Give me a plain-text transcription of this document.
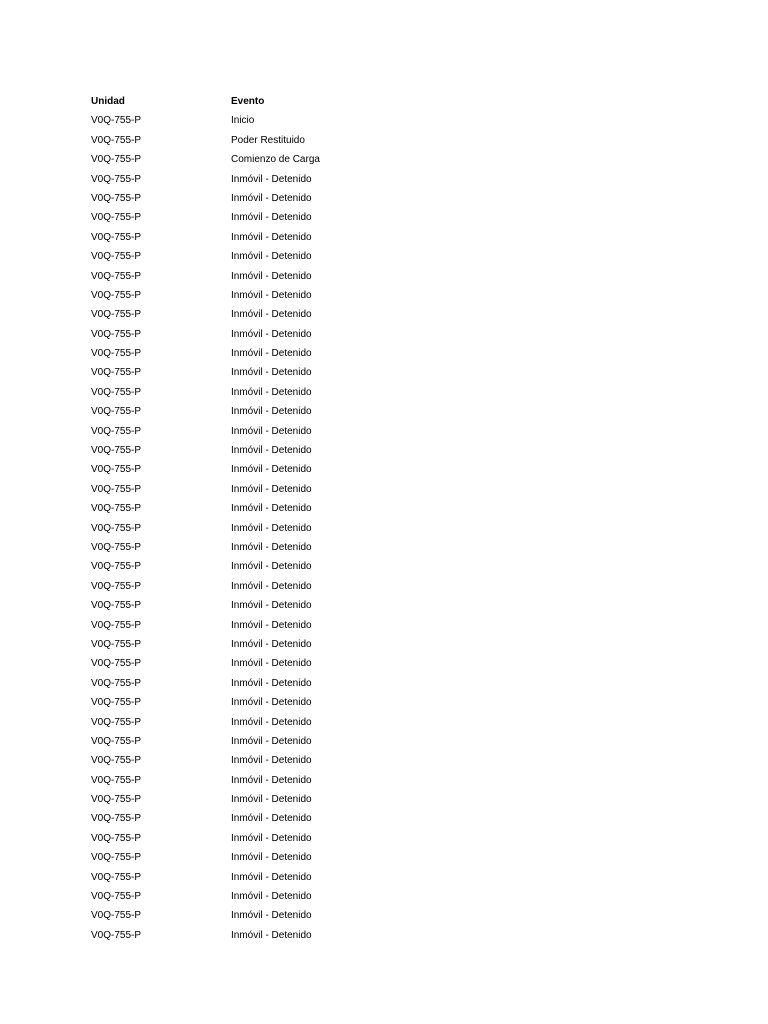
Unidad	Evento
V0Q-755-P	Inicio
V0Q-755-P	Poder Restituido
V0Q-755-P	Comienzo de Carga
V0Q-755-P	Inmóvil - Detenido
V0Q-755-P	Inmóvil - Detenido
V0Q-755-P	Inmóvil - Detenido
V0Q-755-P	Inmóvil - Detenido
V0Q-755-P	Inmóvil - Detenido
V0Q-755-P	Inmóvil - Detenido
V0Q-755-P	Inmóvil - Detenido
V0Q-755-P	Inmóvil - Detenido
V0Q-755-P	Inmóvil - Detenido
V0Q-755-P	Inmóvil - Detenido
V0Q-755-P	Inmóvil - Detenido
V0Q-755-P	Inmóvil - Detenido
V0Q-755-P	Inmóvil - Detenido
V0Q-755-P	Inmóvil - Detenido
V0Q-755-P	Inmóvil - Detenido
V0Q-755-P	Inmóvil - Detenido
V0Q-755-P	Inmóvil - Detenido
V0Q-755-P	Inmóvil - Detenido
V0Q-755-P	Inmóvil - Detenido
V0Q-755-P	Inmóvil - Detenido
V0Q-755-P	Inmóvil - Detenido
V0Q-755-P	Inmóvil - Detenido
V0Q-755-P	Inmóvil - Detenido
V0Q-755-P	Inmóvil - Detenido
V0Q-755-P	Inmóvil - Detenido
V0Q-755-P	Inmóvil - Detenido
V0Q-755-P	Inmóvil - Detenido
V0Q-755-P	Inmóvil - Detenido
V0Q-755-P	Inmóvil - Detenido
V0Q-755-P	Inmóvil - Detenido
V0Q-755-P	Inmóvil - Detenido
V0Q-755-P	Inmóvil - Detenido
V0Q-755-P	Inmóvil - Detenido
V0Q-755-P	Inmóvil - Detenido
V0Q-755-P	Inmóvil - Detenido
V0Q-755-P	Inmóvil - Detenido
V0Q-755-P	Inmóvil - Detenido
V0Q-755-P	Inmóvil - Detenido
V0Q-755-P	Inmóvil - Detenido
V0Q-755-P	Inmóvil - Detenido
